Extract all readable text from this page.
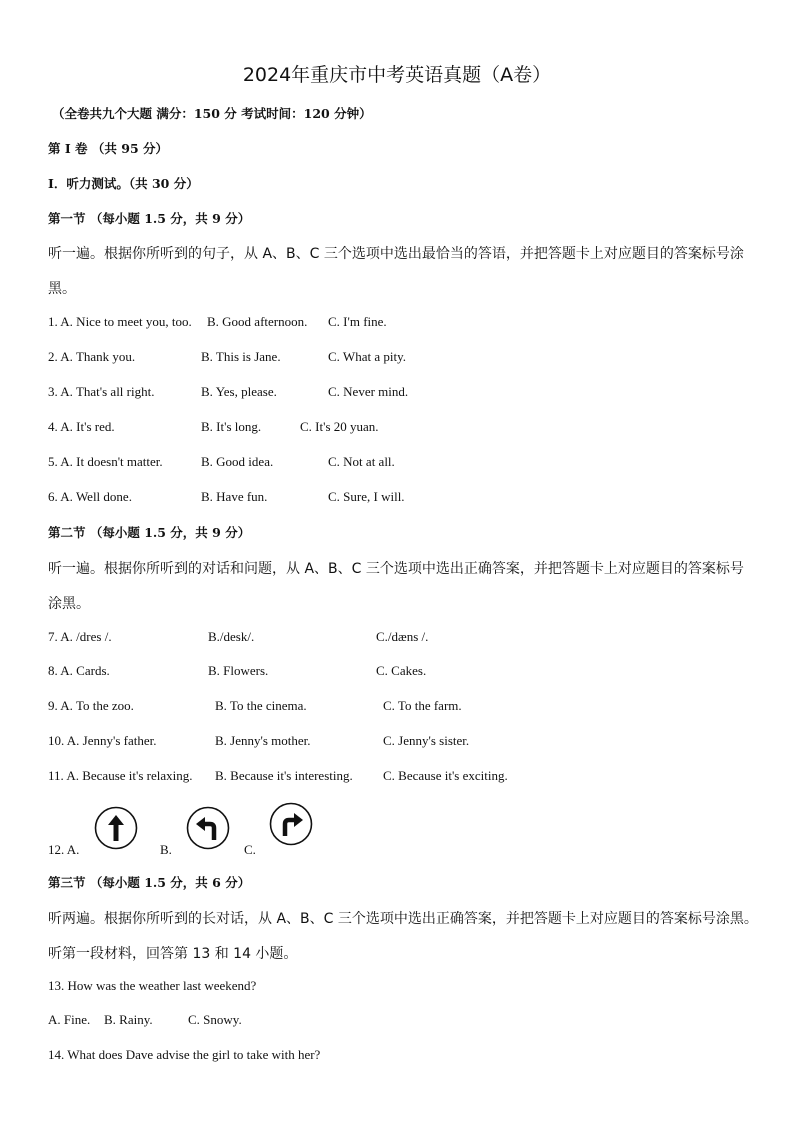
2024年重庆市中考英语真题（A卷）
（全卷共九个大题 满分：150 分 考试时间：120 分钟）
第 I 卷 （共 95 分）
I．听力测试。（共 30 分）
第一节 （每小题 1.5 分，共 9 分）
听一遍。根据你所听到的句子，从 A、B、C 三个选项中选出最恰当的答语，并把答题卡上对应题目的答案标号涂
黑。
1. A. Nice to meet you, too. B. Good afternoon. C. I'm fine.
2. A. Thank you.	B. This is Jane.	C. What a pity.
3. A. That's all right.	B. Yes, please.	C. Never mind.
4. A. It's red.	B. It's long.	C. It's 20 yuan.
5. A. It doesn't matter.	B. Good idea.	C. Not at all.
6. A. Well done.	B. Have fun.	C. Sure, I will.
第二节 （每小题 1.5 分，共 9 分）
听一遍。根据你所听到的对话和问题，从 A、B、C 三个选项中选出正确答案，并把答题卡上对应题目的答案标号
涂黑。
7. A. /dres /.	B./desk/.	C./dæns /.
8. A. Cards.	B. Flowers.	C. Cakes.
9. A. To the zoo.	B. To the cinema.	C. To the farm.
10. A. Jenny's father.	B. Jenny's mother.	C. Jenny's sister.
11. A. Because it's relaxing. B. Because it's interesting. C. Because it's exciting.
12. A.	B.	C.
第三节 （每小题 1.5 分，共 6 分）
听两遍。根据你所听到的长对话，从 A、B、C 三个选项中选出正确答案，并把答题卡上对应题目的答案标号涂黑。
听第一段材料，回答第 13 和 14 小题。
13. How was the weather last weekend?
A. Fine. B. Rainy.	C. Snowy.
14. What does Dave advise the girl to take with her?
